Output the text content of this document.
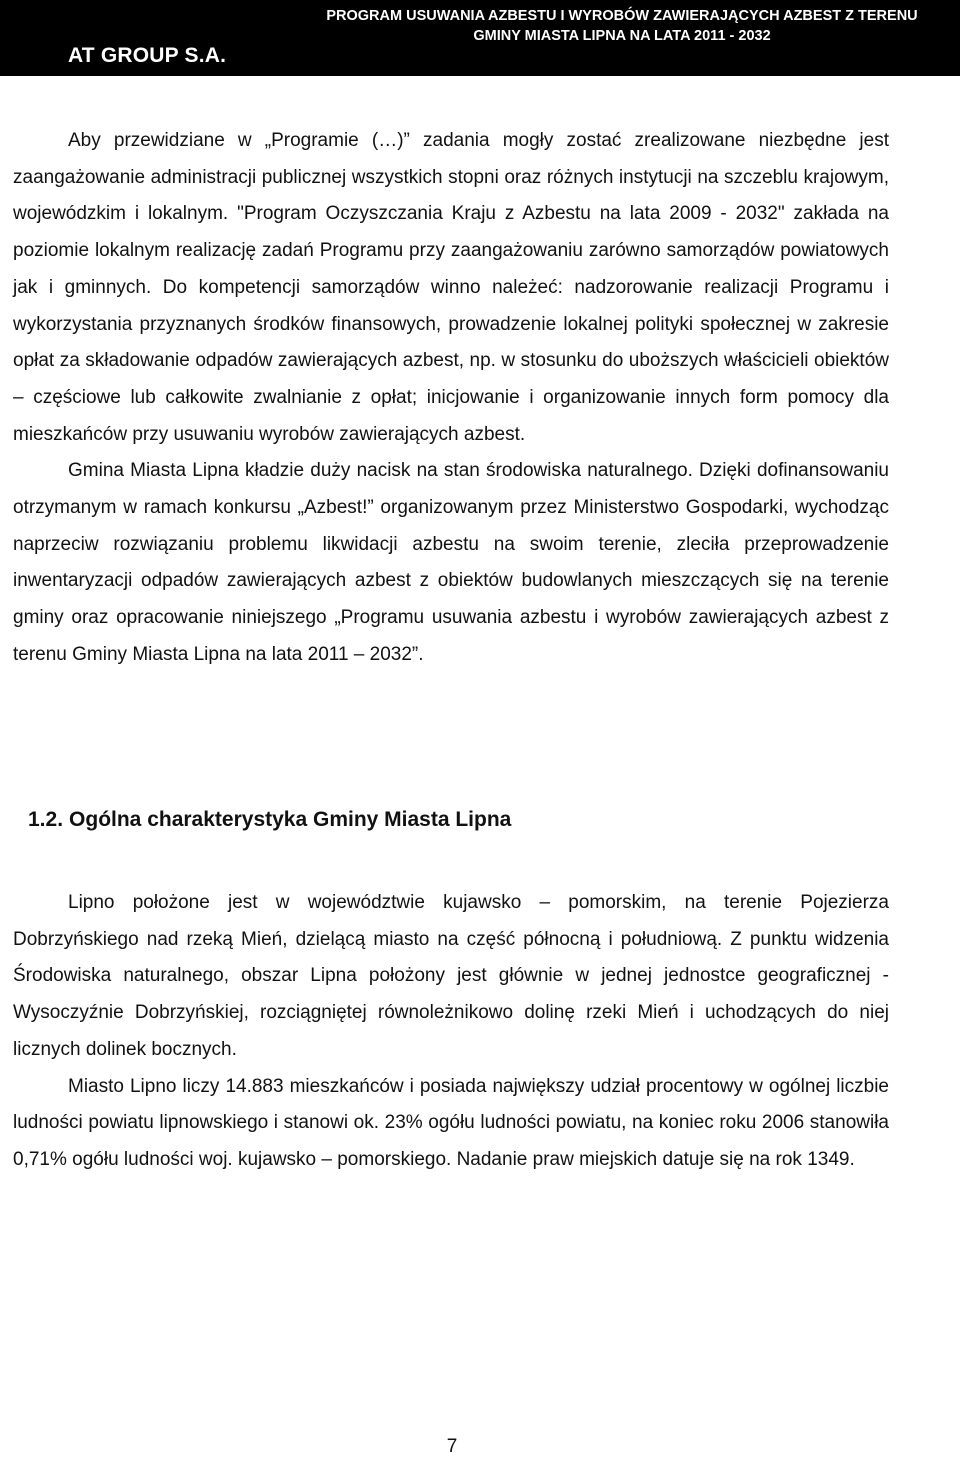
AT GROUP S.A.
PROGRAM USUWANIA AZBESTU I WYROBÓW ZAWIERAJĄCYCH AZBEST Z TERENU
GMINY MIASTA LIPNA NA LATA 2011 - 2032

Aby przewidziane w „Programie (…)” zadania mogły zostać zrealizowane niezbędne jest zaangażowanie administracji publicznej wszystkich stopni oraz różnych instytucji na szczeblu krajowym, wojewódzkim i lokalnym. "Program Oczyszczania Kraju z Azbestu na lata 2009 - 2032" zakłada na poziomie lokalnym realizację zadań Programu przy zaangażowaniu zarówno samorządów powiatowych jak i gminnych. Do kompetencji samorządów winno należeć: nadzorowanie realizacji Programu i wykorzystania przyznanych środków finansowych, prowadzenie lokalnej polityki społecznej w zakresie opłat za składowanie odpadów zawierających azbest, np. w stosunku do uboższych właścicieli obiektów – częściowe lub całkowite zwalnianie z opłat; inicjowanie i organizowanie innych form pomocy dla mieszkańców przy usuwaniu wyrobów zawierających azbest.

Gmina Miasta Lipna kładzie duży nacisk na stan środowiska naturalnego. Dzięki dofinansowaniu otrzymanym w ramach konkursu „Azbest!” organizowanym przez Ministerstwo Gospodarki, wychodząc naprzeciw rozwiązaniu problemu likwidacji azbestu na swoim terenie, zleciła przeprowadzenie inwentaryzacji odpadów zawierających azbest z obiektów budowlanych mieszczących się na terenie gminy oraz opracowanie niniejszego „Programu usuwania azbestu i wyrobów zawierających azbest z terenu Gminy Miasta Lipna na lata 2011 – 2032”.

1.2. Ogólna charakterystyka Gminy Miasta Lipna

Lipno położone jest w województwie kujawsko – pomorskim, na terenie Pojezierza Dobrzyńskiego nad rzeką Mień, dzielącą miasto na część północną i południową. Z punktu widzenia Środowiska naturalnego, obszar Lipna położony jest głównie w jednej jednostce geograficznej - Wysoczyźnie Dobrzyńskiej, rozciągniętej równoleżnikowo dolinę rzeki Mień i uchodzących do niej licznych dolinek bocznych.

Miasto Lipno liczy 14.883 mieszkańców i posiada największy udział procentowy w ogólnej liczbie ludności powiatu lipnowskiego i stanowi ok. 23% ogółu ludności powiatu, na koniec roku 2006 stanowiła 0,71% ogółu ludności woj. kujawsko – pomorskiego. Nadanie praw miejskich datuje się na rok 1349.

7
